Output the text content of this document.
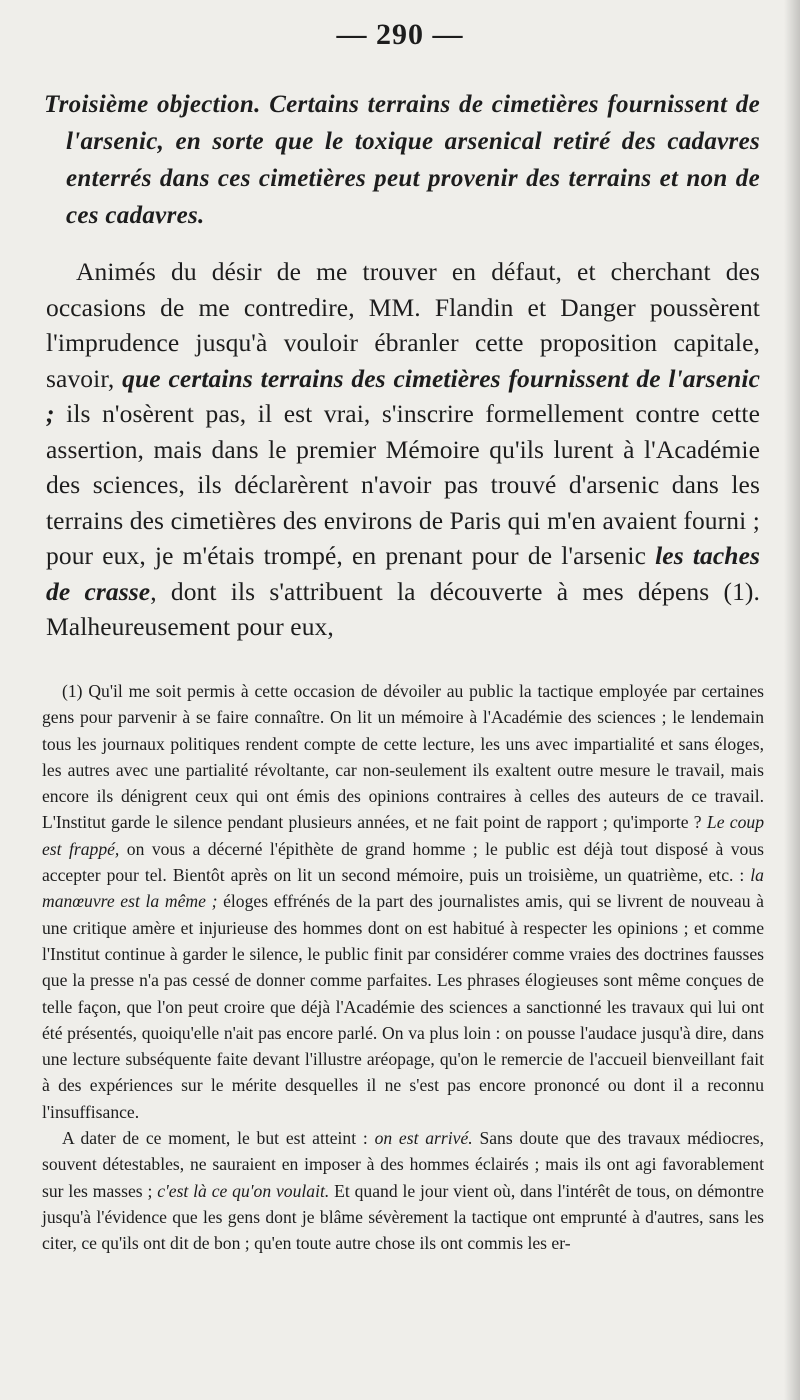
— 290 —
Troisième objection. Certains terrains de cimetières fournissent de l'arsenic, en sorte que le toxique arsenical retiré des cadavres enterrés dans ces cimetières peut provenir des terrains et non de ces cadavres.
Animés du désir de me trouver en défaut, et cherchant des occasions de me contredire, MM. Flandin et Danger poussèrent l'imprudence jusqu'à vouloir ébranler cette proposition capitale, savoir, que certains terrains des cimetières fournissent de l'arsenic ; ils n'osèrent pas, il est vrai, s'inscrire formellement contre cette assertion, mais dans le premier Mémoire qu'ils lurent à l'Académie des sciences, ils déclarèrent n'avoir pas trouvé d'arsenic dans les terrains des cimetières des environs de Paris qui m'en avaient fourni ; pour eux, je m'étais trompé, en prenant pour de l'arsenic les taches de crasse, dont ils s'attribuent la découverte à mes dépens (1). Malheureusement pour eux,

(1) Qu'il me soit permis à cette occasion de dévoiler au public la tactique employée par certaines gens pour parvenir à se faire connaître. On lit un mémoire à l'Académie des sciences ; le lendemain tous les journaux politiques rendent compte de cette lecture, les uns avec impartialité et sans éloges, les autres avec une partialité révoltante, car non-seulement ils exaltent outre mesure le travail, mais encore ils dénigrent ceux qui ont émis des opinions contraires à celles des auteurs de ce travail. L'Institut garde le silence pendant plusieurs années, et ne fait point de rapport ; qu'importe ? Le coup est frappé, on vous a décerné l'épithète de grand homme ; le public est déjà tout disposé à vous accepter pour tel. Bientôt après on lit un second mémoire, puis un troisième, un quatrième, etc. : la manœuvre est la même ; éloges effrénés de la part des journalistes amis, qui se livrent de nouveau à une critique amère et injurieuse des hommes dont on est habitué à respecter les opinions ; et comme l'Institut continue à garder le silence, le public finit par considérer comme vraies des doctrines fausses que la presse n'a pas cessé de donner comme parfaites. Les phrases élogieuses sont même conçues de telle façon, que l'on peut croire que déjà l'Académie des sciences a sanctionné les travaux qui lui ont été présentés, quoiqu'elle n'ait pas encore parlé. On va plus loin : on pousse l'audace jusqu'à dire, dans une lecture subséquente faite devant l'illustre aréopage, qu'on le remercie de l'accueil bienveillant fait à des expériences sur le mérite desquelles il ne s'est pas encore prononcé ou dont il a reconnu l'insuffisance.

A dater de ce moment, le but est atteint : on est arrivé. Sans doute que des travaux médiocres, souvent détestables, ne sauraient en imposer à des hommes éclairés ; mais ils ont agi favorablement sur les masses ; c'est là ce qu'on voulait. Et quand le jour vient où, dans l'intérêt de tous, on démontre jusqu'à l'évidence que les gens dont je blâme sévèrement la tactique ont emprunté à d'autres, sans les citer, ce qu'ils ont dit de bon ; qu'en toute autre chose ils ont commis les er-
